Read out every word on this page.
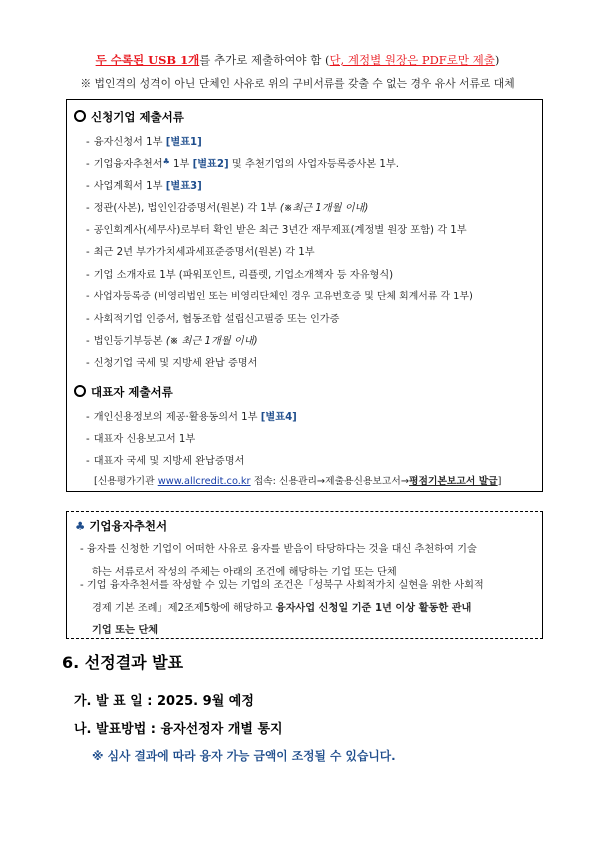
두 수록된 USB 1개를 추가로 제출하여야 함 (단, 계정별 원장은 PDF로만 제출)
※ 법인격의 성격이 아닌 단체인 사유로 위의 구비서류를 갖출 수 없는 경우 유사 서류로 대체
신청기업 제출서류
- 융자신청서 1부 [별표1]
- 기업융자추천서♣ 1부 [별표2] 및 추천기업의 사업자등록증사본 1부.
- 사업계획서 1부 [별표3]
- 정관(사본), 법인인감증명서(원본) 각 1부 (※최근 1개월 이내)
- 공인회계사(세무사)로부터 확인 받은 최근 3년간 재무제표(계정별 원장 포함) 각 1부
- 최근 2년 부가가치세과세표준증명서(원본) 각 1부
- 기업 소개자료 1부 (파워포인트, 리플렛, 기업소개책자 등 자유형식)
- 사업자등록증 (비영리법인 또는 비영리단체인 경우 고유번호증 및 단체 회계서류 각 1부)
- 사회적기업 인증서, 협동조합 설립신고필증 또는 인가증
- 법인등기부등본 (※ 최근 1개월 이내)
- 신청기업 국세 및 지방세 완납 증명서
대표자 제출서류
- 개인신용정보의 제공·활용동의서 1부 [별표4]
- 대표자 신용보고서 1부
- 대표자 국세 및 지방세 완납증명서
[신용평가기관 www.allcredit.co.kr 접속: 신용관리→제출용신용보고서→평점기본보고서 발급]
♣ 기업융자추천서
- 융자를 신청한 기업이 어떠한 사유로 융자를 받음이 타당하다는 것을 대신 추천하여 기술
하는 서류로서 작성의 주체는 아래의 조건에 해당하는 기업 또는 단체
- 기업 융자추천서를 작성할 수 있는 기업의 조건은「성북구 사회적가치 실현을 위한 사회적
경제 기본 조례」제2조제5항에 해당하고 융자사업 신청일 기준 1년 이상 활동한 관내
기업 또는 단체
6. 선정결과 발표
가. 발 표 일 : 2025. 9월 예정
나. 발표방법 : 융자선정자 개별 통지
※ 심사 결과에 따라 융자 가능 금액이 조정될 수 있습니다.
